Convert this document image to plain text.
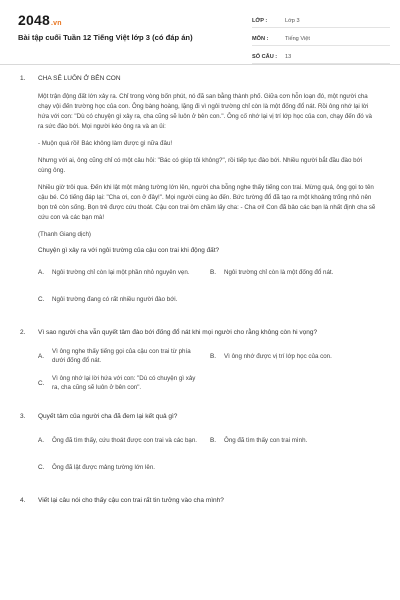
2048.vn
Bài tập cuối Tuần 12 Tiếng Việt lớp 3 (có đáp án)
LỚP :	Lớp 3
MÔN :	Tiếng Việt
SỐ CÂU :	13
1. CHA SẼ LUÔN Ở BÊN CON

Một trận động đất lớn xảy ra. Chỉ trong vòng bốn phút, nó đã san bằng thành phố. Giữa cơn hỗn loạn đó, một người cha chạy vội đến trường học của con. Ông bàng hoàng, lặng đi vì ngôi trường chỉ còn là một đống đổ nát. Rồi ông nhớ lại lời hứa với con: "Dù có chuyện gì xảy ra, cha cũng sẽ luôn ở bên con.". Ông cố nhớ lại vị trí lớp học của con, chạy đến đó và ra sức đào bới. Mọi người kéo ông ra và an ủi:

- Muộn quá rồi! Bác không làm được gì nữa đâu!

Nhưng với ai, ông cũng chỉ có một câu hỏi: "Bác có giúp tôi không?", rồi tiếp tục đào bới. Nhiều người bắt đầu đào bới cùng ông.

Nhiều giờ trôi qua. Đến khi lật một mảng tường lớn lên, người cha bỗng nghe thấy tiếng con trai. Mừng quá, ông gọi to tên cậu bé. Có tiếng đáp lại: "Cha ơi, con ở đây!". Mọi người cùng ào đến. Bức tường đổ đã tạo ra một khoảng trống nhỏ nên bọn trẻ còn sống. Bọn trẻ được cứu thoát. Cậu con trai ôm chầm lấy cha: - Cha ơi! Con đã bảo các bạn là nhất định cha sẽ cứu con và các bạn mà!

(Thanh Giang dịch)

Chuyện gì xảy ra với ngôi trường của cậu con trai khi động đất?
A.	Ngôi trường chỉ còn lại một phần nhỏ nguyên vẹn.	B.	Ngôi trường chỉ còn là một đống đổ nát.
C.	Ngôi trường đang có rất nhiều người đào bới.
2. Vì sao người cha vẫn quyết tâm đào bới đống đổ nát khi mọi người cho rằng không còn hi vọng?
A.
Vì ông nghe thấy tiếng gọi của cậu con trai từ phía dưới đống đổ nát.
B.	Vì ông nhớ được vị trí lớp học của con.
C.
Vì ông nhớ lại lời hứa với con: "Dù có chuyện gì xảy ra, cha cũng sẽ luôn ở bên con".
3. Quyết tâm của người cha đã đem lại kết quả gì?
A.	Ông đã tìm thấy, cứu thoát được con trai và các bạn. B.	Ông đã tìm thấy con trai mình.
C.	Ông đã lật được mảng tường lớn lên.
4. Viết lại câu nói cho thấy cậu con trai rất tin tưởng vào cha mình?
